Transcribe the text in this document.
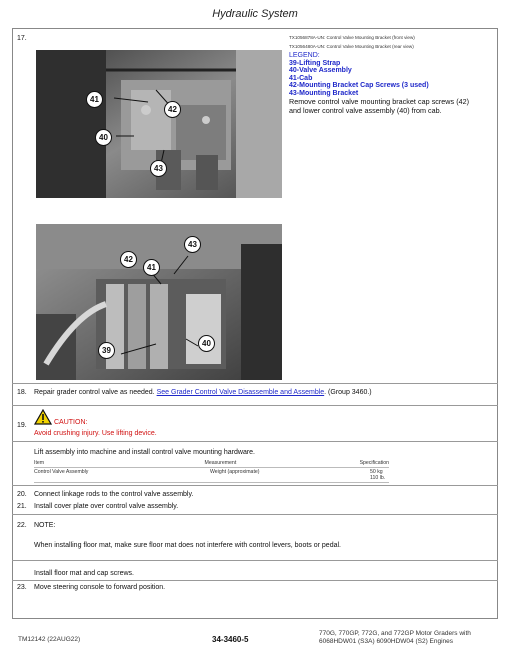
Hydraulic System
17.
41
42
40
43
TX1056878A-UN: Control Valve Mounting Bracket (front view)
TX1056480A-UN: Control Valve Mounting Bracket (rear view)
LEGEND:
39-Lifting Strap
40-Valve Assembly
41-Cab
42-Mounting Bracket Cap Screws (3 used)
43-Mounting Bracket
Remove control valve mounting bracket cap screws (42) and lower control valve assembly (40) from cab.
43
42
41
40
39
18. Repair grader control valve as needed. See Grader Control Valve Disassemble and Assemble. (Group 3460.)
19.	CAUTION:
Avoid crushing injury. Use lifting device.
Lift assembly into machine and install control valve mounting hardware.
Item	Measurement	Specification
Control Valve Assembly	Weight (approximate)	50 kg
110 lb.
20. Connect linkage rods to the control valve assembly.
21. Install cover plate over control valve assembly.
22. NOTE:
When installing floor mat, make sure floor mat does not interfere with control levers, boots or pedal.
Install floor mat and cap screws.
23. Move steering console to forward position.
TM12142 (22AUG22)	34-3460-5
770G, 770GP, 772G, and 772GP Motor Graders with
6068HDW01 (S3A) 6090HDW04 (S2) Engines
